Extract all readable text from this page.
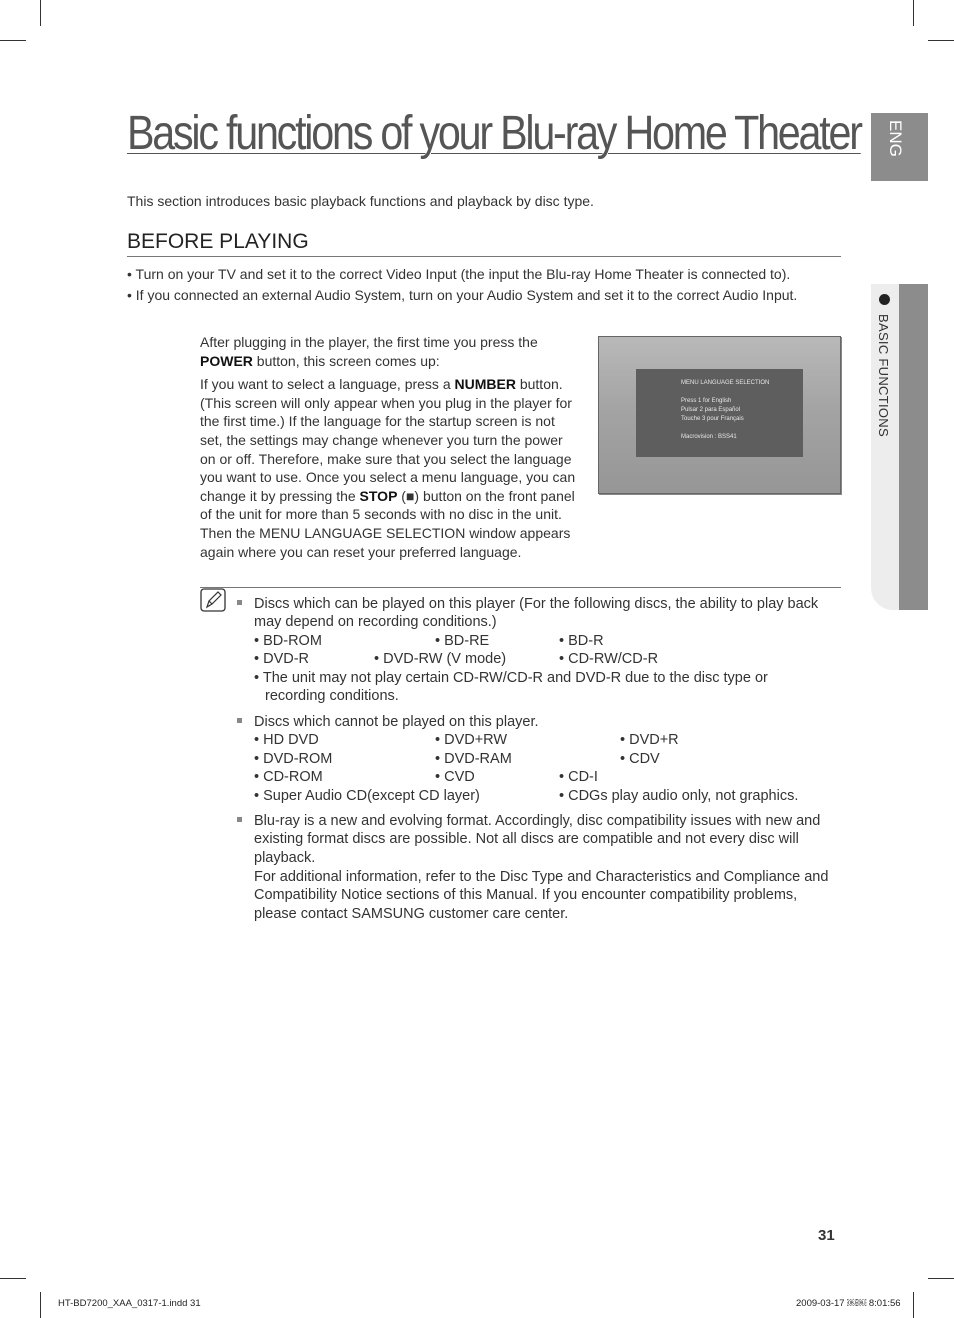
ENG
BASIC FUNCTIONS
Basic functions of your Blu-ray Home Theater
This section introduces basic playback functions and playback by disc type.
BEFORE PLAYING
• Turn on your TV and set it to the correct Video Input (the input the Blu-ray Home Theater is connected to).
• If you connected an external Audio System, turn on your Audio System and set it to the correct Audio Input.

After plugging in the player, the first time you press the POWER button, this screen comes up:

If you want to select a language, press a NUMBER button. (This screen will only appear when you plug in the player for the first time.) If the language for the startup screen is not set, the settings may change whenever you turn the power on or off. Therefore, make sure that you select the language you want to use. Once you select a menu language, you can change it by pressing the STOP (■) button on the front panel of the unit for more than 5 seconds with no disc in the unit. Then the MENU LANGUAGE SELECTION window appears again where you can reset your preferred language.

MENU LANGUAGE SELECTION
Press 1 for English
Pulsar 2 para Español
Touche 3 pour Français
Macrovision : BSS41
Discs which can be played on this player (For the following discs, the ability to play back
may depend on recording conditions.)
• BD-ROM	• BD-RE	• BD-R
• DVD-R	• DVD-RW (V mode)	• CD-RW/CD-R
• The unit may not play certain CD-RW/CD-R and DVD-R due to the disc type or
recording conditions.
Discs which cannot be played on this player.
• HD DVD	• DVD+RW	• DVD+R
• DVD-ROM	• DVD-RAM	• CDV
• CD-ROM	• CVD	• CD-I
• Super Audio CD(except CD layer)	• CDGs play audio only, not graphics.
Blu-ray is a new and evolving format. Accordingly, disc compatibility issues with new and
existing format discs are possible. Not all discs are compatible and not every disc will
playback.
For additional information, refer to the Disc Type and Characteristics and Compliance and
Compatibility Notice sections of this Manual. If you encounter compatibility problems,
please contact SAMSUNG customer care center.
31
HT-BD7200_XAA_0317-1.indd 31	2009-03-17 ￼￼ 8:01:56
